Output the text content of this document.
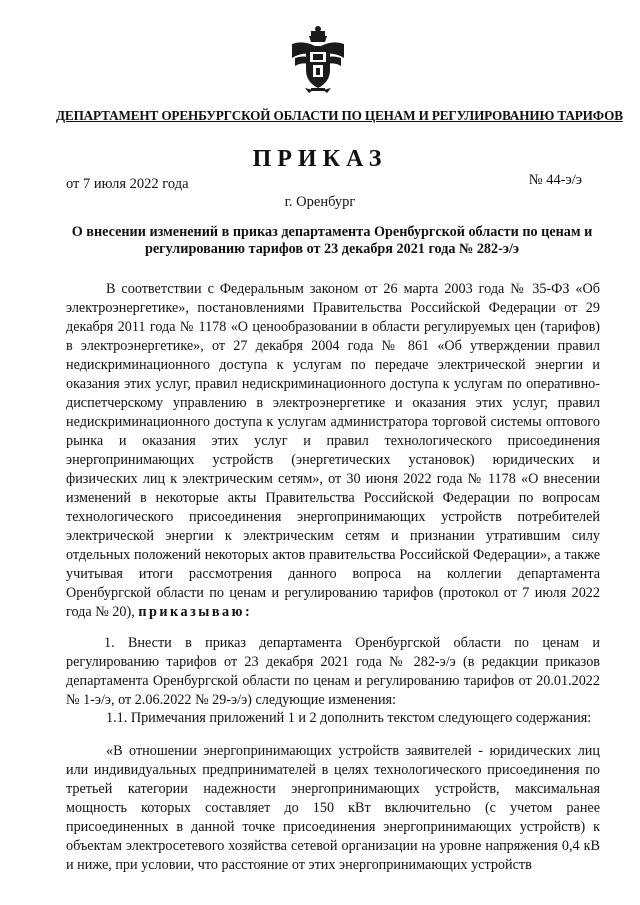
ДЕПАРТАМЕНТ ОРЕНБУРГСКОЙ ОБЛАСТИ ПО ЦЕНАМ И РЕГУЛИРОВАНИЮ ТАРИФОВ
ПРИКАЗ
от 7 июля 2022 года	№ 44-э/э
г. Оренбург
О внесении изменений в приказ департамента Оренбургской области по ценам и регулированию тарифов от 23 декабря 2021 года № 282-э/э
В соответствии с Федеральным законом от 26 марта 2003 года № 35-ФЗ «Об электроэнергетике», постановлениями Правительства Российской Федерации от 29 декабря 2011 года № 1178 «О ценообразовании в области регулируемых цен (тарифов) в электроэнергетике», от 27 декабря 2004 года № 861 «Об утверждении правил недискриминационного доступа к услугам по передаче электрической энергии и оказания этих услуг, правил недискриминационного доступа к услугам по оперативно-диспетчерскому управлению в электроэнергетике и оказания этих услуг, правил недискриминационного доступа к услугам администратора торговой системы оптового рынка и оказания этих услуг и правил технологического присоединения энергопринимающих устройств (энергетических установок) юридических и физических лиц к электрическим сетям», от 30 июня 2022 года № 1178 «О внесении изменений в некоторые акты Правительства Российской Федерации по вопросам технологического присоединения энергопринимающих устройств потребителей электрической энергии к электрическим сетям и признании утратившим силу отдельных положений некоторых актов правительства Российской Федерации», а также учитывая итоги рассмотрения данного вопроса на коллегии департамента Оренбургской области по ценам и регулированию тарифов (протокол от 7 июля 2022 года № 20), приказываю:
1. Внести в приказ департамента Оренбургской области по ценам и регулированию тарифов от 23 декабря 2021 года № 282-э/э (в редакции приказов департамента Оренбургской области по ценам и регулированию тарифов от 20.01.2022 № 1-э/э, от 2.06.2022 № 29-э/э) следующие изменения:
1.1. Примечания приложений 1 и 2 дополнить текстом следующего содержания:
«В отношении энергопринимающих устройств заявителей - юридических лиц или индивидуальных предпринимателей в целях технологического присоединения по третьей категории надежности энергопринимающих устройств, максимальная мощность которых составляет до 150 кВт включительно (с учетом ранее присоединенных в данной точке присоединения энергопринимающих устройств) к объектам электросетевого хозяйства сетевой организации на уровне напряжения 0,4 кВ и ниже, при условии, что расстояние от этих энергопринимающих устройств
